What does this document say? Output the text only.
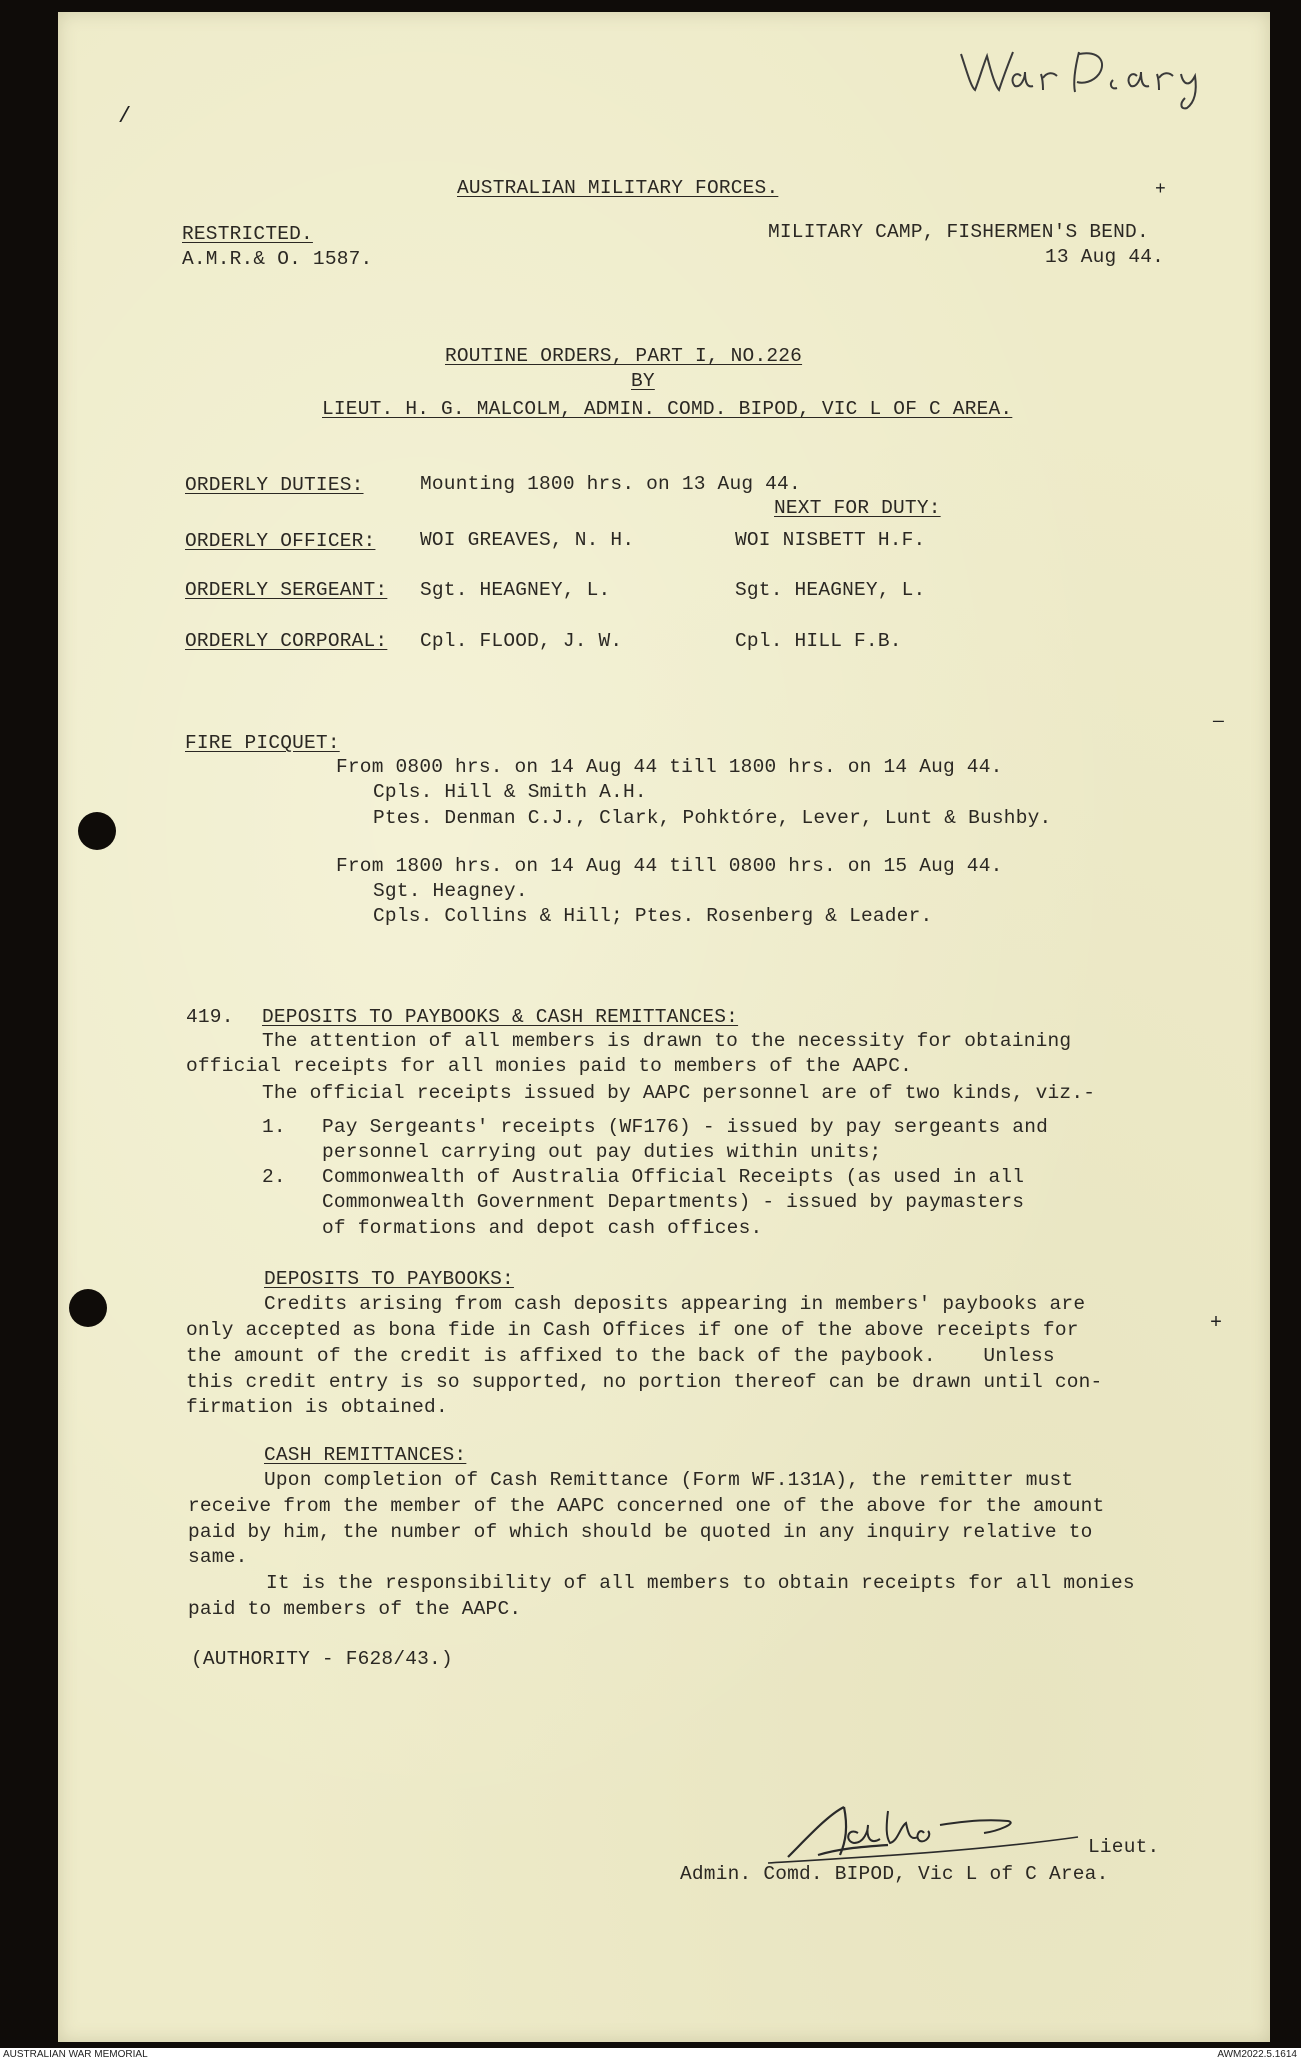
War Diary
/
+
—
+
AUSTRALIAN MILITARY FORCES.
RESTRICTED.
A.M.R.& O. 1587.
MILITARY CAMP, FISHERMEN'S BEND.
13 Aug 44.
ROUTINE ORDERS, PART I, NO.226
BY
LIEUT. H. G. MALCOLM, ADMIN. COMD. BIPOD, VIC L OF C AREA.
ORDERLY DUTIES:	Mounting 1800 hrs. on 13 Aug 44.
NEXT FOR DUTY:
ORDERLY OFFICER: WOI GREAVES, N. H.	WOI NISBETT H.F.
ORDERLY SERGEANT: Sgt. HEAGNEY, L.	Sgt. HEAGNEY, L.
ORDERLY CORPORAL: Cpl. FLOOD, J. W.	Cpl. HILL F.B.
FIRE PICQUET:
From 0800 hrs. on 14 Aug 44 till 1800 hrs. on 14 Aug 44.
Cpls. Hill & Smith A.H.
Ptes. Denman C.J., Clark, Pohktóre, Lever, Lunt & Bushby.
From 1800 hrs. on 14 Aug 44 till 0800 hrs. on 15 Aug 44.
Sgt. Heagney.
Cpls. Collins & Hill; Ptes. Rosenberg & Leader.
419. DEPOSITS TO PAYBOOKS & CASH REMITTANCES:
The attention of all members is drawn to the necessity for obtaining
official receipts for all monies paid to members of the AAPC.
The official receipts issued by AAPC personnel are of two kinds, viz.-
1. Pay Sergeants' receipts (WF176) - issued by pay sergeants and
personnel carrying out pay duties within units;
2. Commonwealth of Australia Official Receipts (as used in all
Commonwealth Government Departments) - issued by paymasters
of formations and depot cash offices.
DEPOSITS TO PAYBOOKS:
Credits arising from cash deposits appearing in members' paybooks are
only accepted as bona fide in Cash Offices if one of the above receipts for
the amount of the credit is affixed to the back of the paybook.    Unless
this credit entry is so supported, no portion thereof can be drawn until con-
firmation is obtained.
CASH REMITTANCES:
Upon completion of Cash Remittance (Form WF.131A), the remitter must
receive from the member of the AAPC concerned one of the above for the amount
paid by him, the number of which should be quoted in any inquiry relative to
same.
It is the responsibility of all members to obtain receipts for all monies
paid to members of the AAPC.
(AUTHORITY - F628/43.)
Lieut.
Admin. Comd. BIPOD, Vic L of C Area.
AUSTRALIAN WAR MEMORIAL	AWM2022.5.1614
